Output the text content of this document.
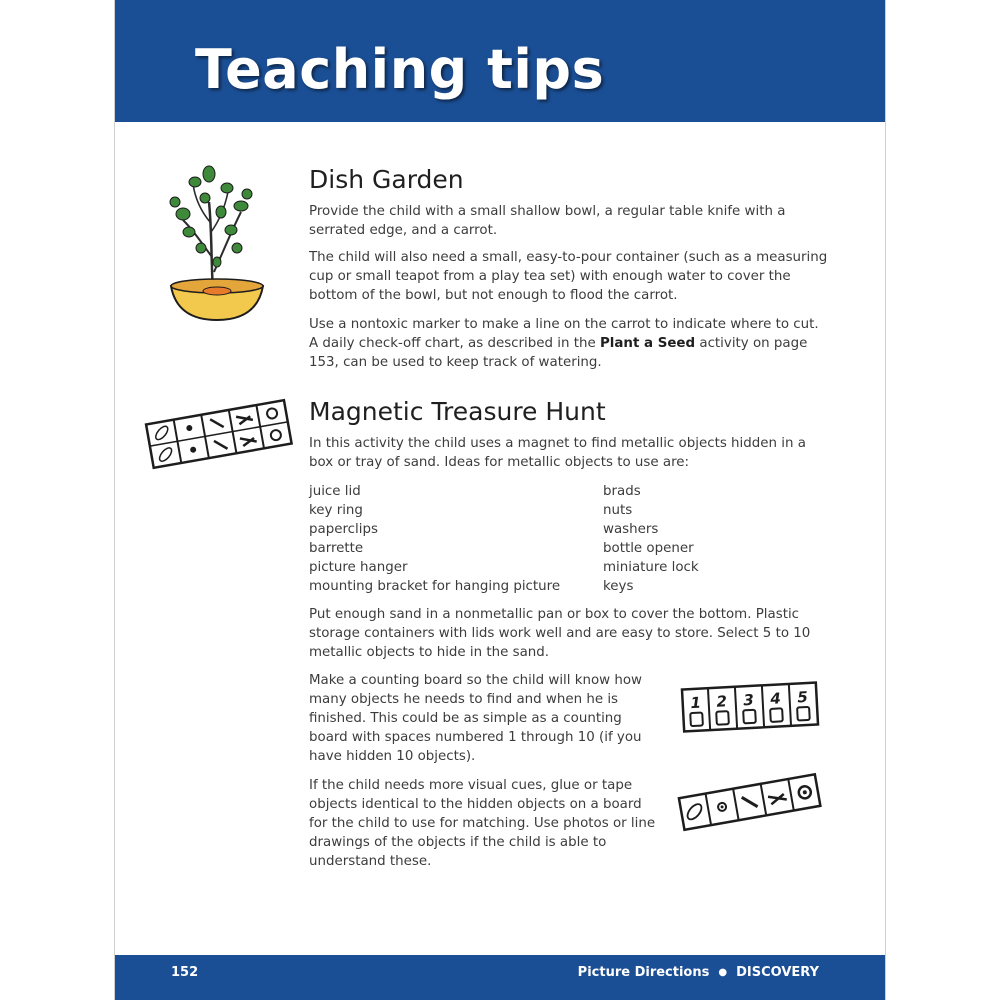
Teaching tips
Dish Garden

Provide the child with a small shallow bowl, a regular table knife with a serrated edge, and a carrot.

The child will also need a small, easy-to-pour container (such as a measuring cup or small teapot from a play tea set) with enough water to cover the bottom of the bowl, but not enough to flood the carrot.

Use a nontoxic marker to make a line on the carrot to indicate where to cut. A daily check-off chart, as described in the Plant a Seed activity on page 153, can be used to keep track of watering.

Magnetic Treasure Hunt

In this activity the child uses a magnet to find metallic objects hidden in a box or tray of sand. Ideas for metallic objects to use are:

juice lid
key ring
paperclips
barrette
picture hanger
mounting bracket for hanging picture
brads
nuts
washers
bottle opener
miniature lock
keys

Put enough sand in a nonmetallic pan or box to cover the bottom. Plastic storage containers with lids work well and are easy to store. Select 5 to 10 metallic objects to hide in the sand.

Make a counting board so the child will know how many objects he needs to find and when he is finished. This could be as simple as a counting board with spaces numbered 1 through 10 (if you have hidden 10 objects).

1 2 3 4 5

If the child needs more visual cues, glue or tape objects identical to the hidden objects on a board for the child to use for matching. Use photos or line drawings of the objects if the child is able to understand these.

152	Picture Directions ● DISCOVERY
